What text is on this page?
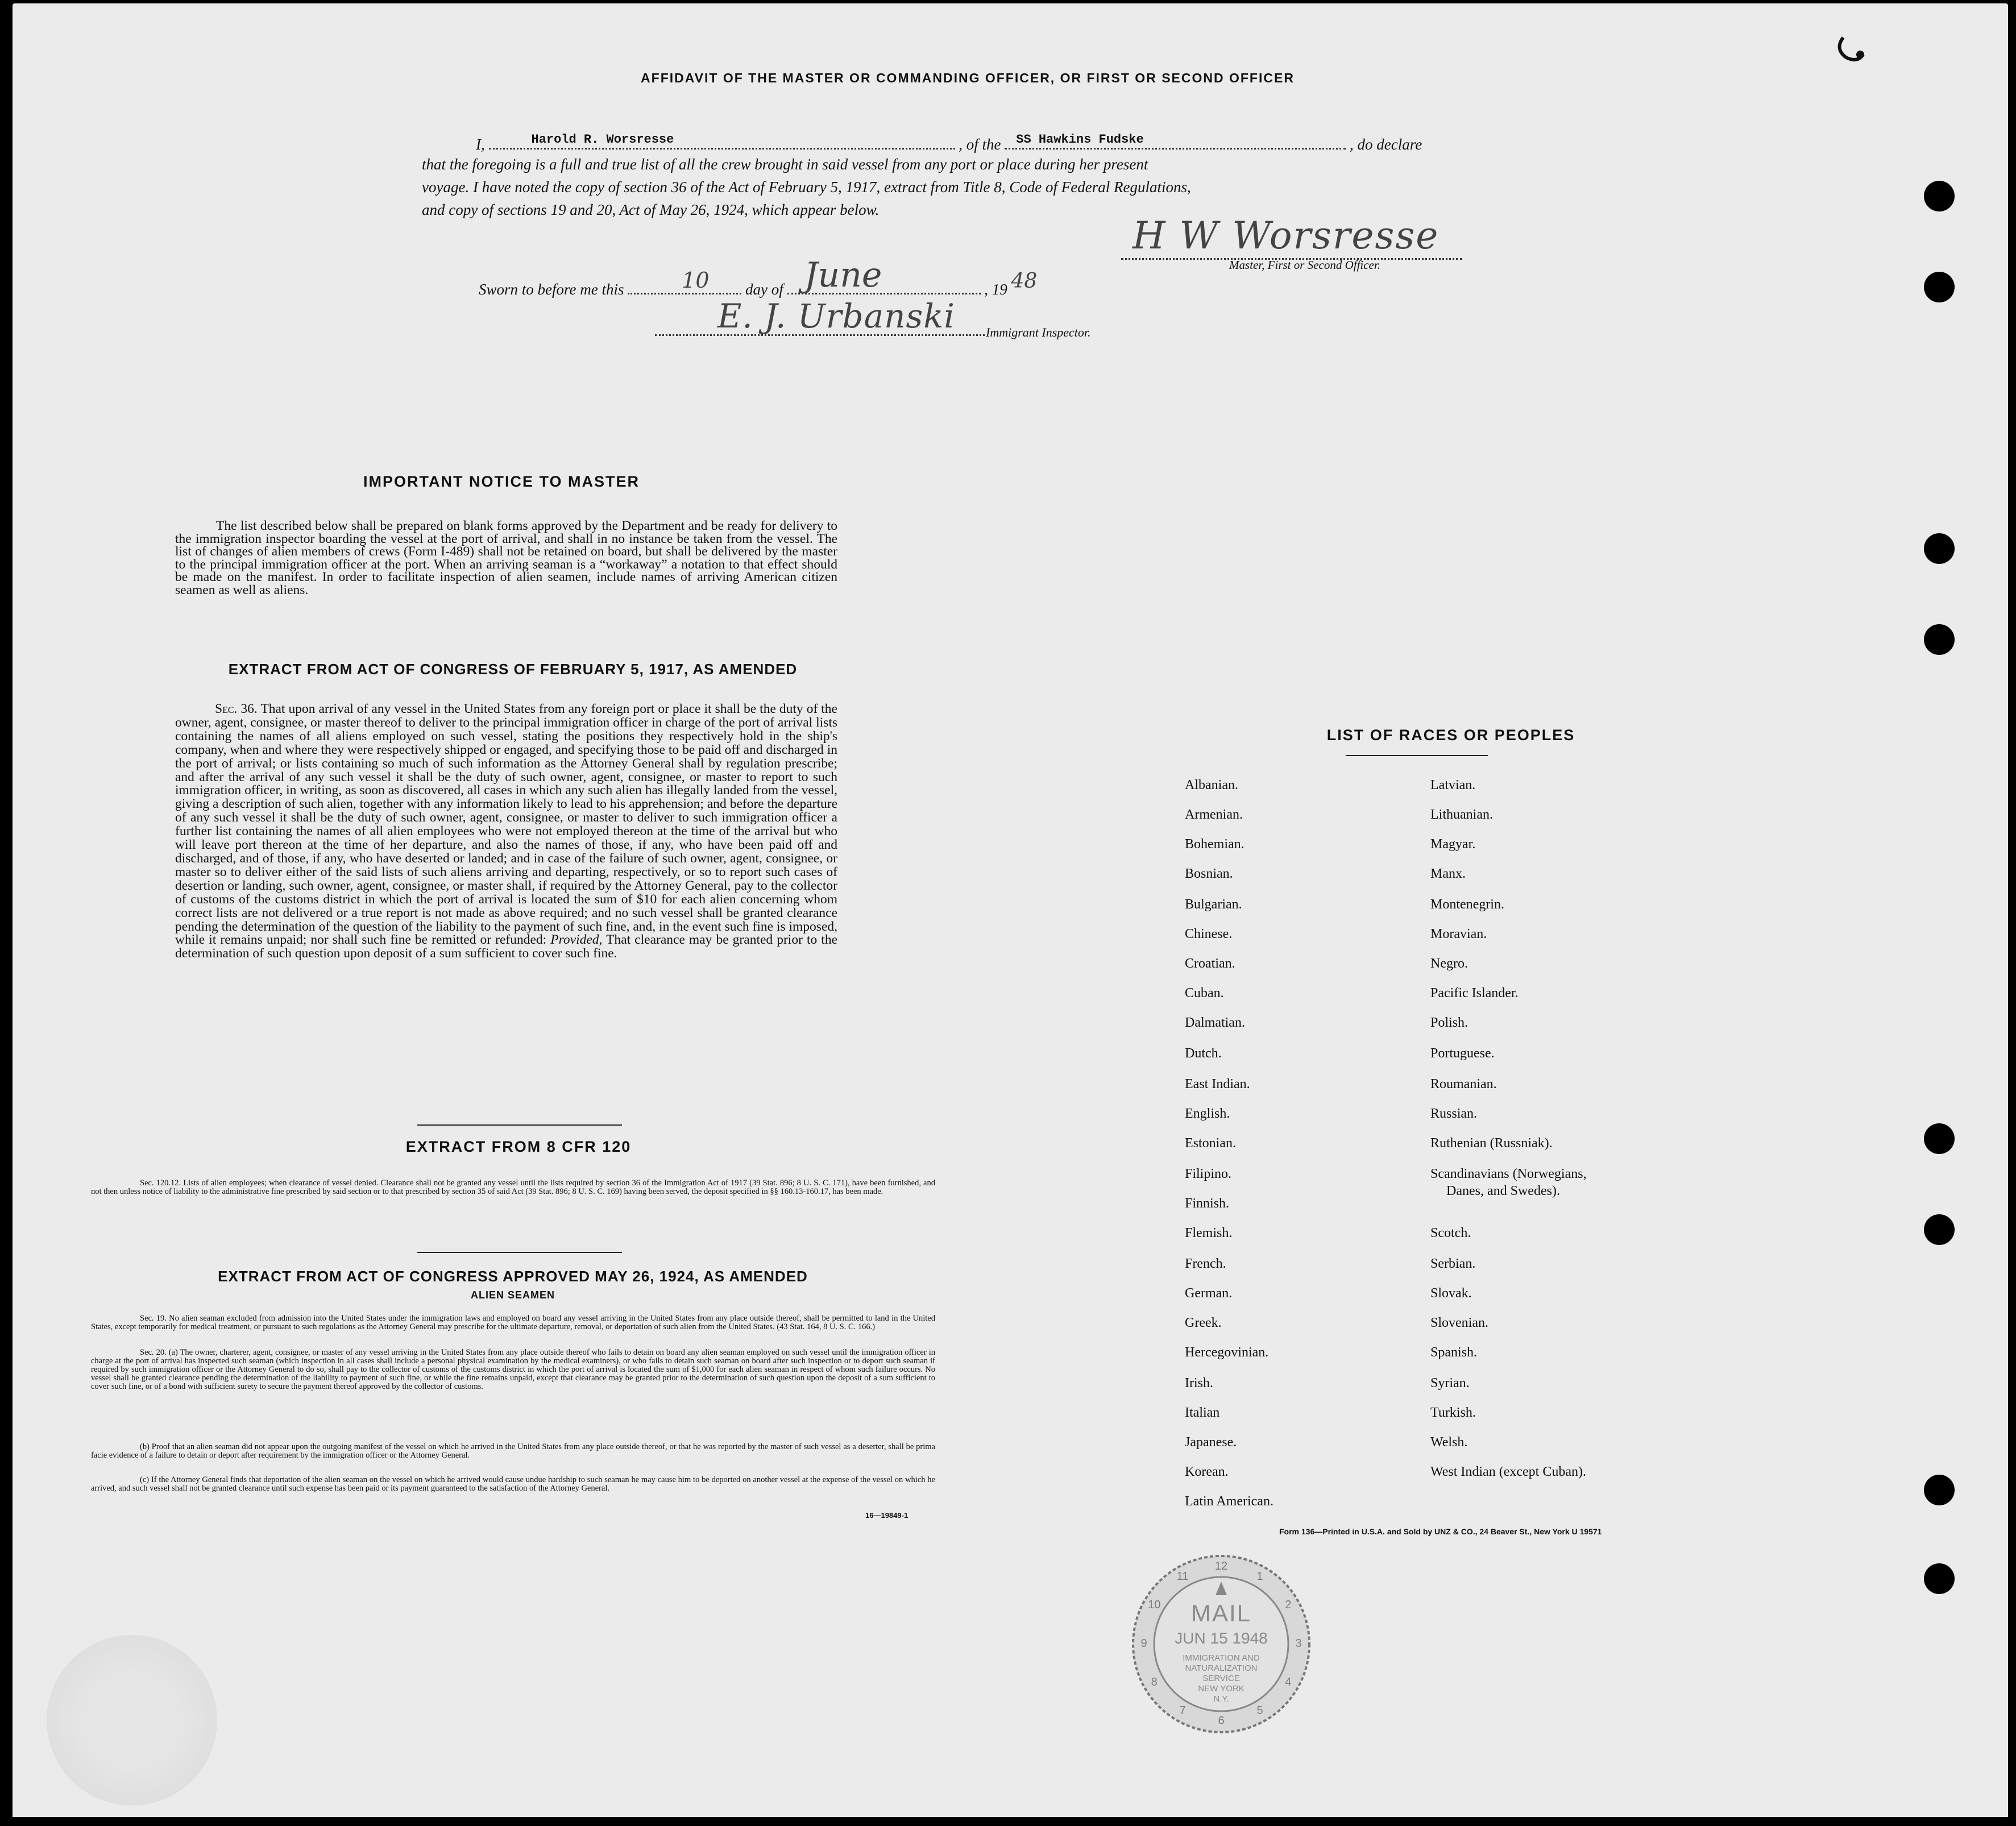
AFFIDAVIT OF THE MASTER OR COMMANDING OFFICER, OR FIRST OR SECOND OFFICER
I,	Harold R. Worsresse	, of the SS Hawkins Fudske	, do declare
that the foregoing is a full and true list of all the crew brought in said vessel from any port or place during her present
voyage. I have noted the copy of section 36 of the Act of February 5, 1917, extract from Title 8, Code of Federal Regulations,
and copy of sections 19 and 20, Act of May 26, 1924, which appear below.
H W Worsresse
Master, First or Second Officer.
Sworn to before me this	10 day of June	, 19 48
E. J. Urbanski Immigrant Inspector.
IMPORTANT NOTICE TO MASTER
The list described below shall be prepared on blank forms approved by the Department and be ready for delivery to the immigration inspector boarding the vessel at the port of arrival, and shall in no instance be taken from the vessel. The list of changes of alien members of crews (Form I-489) shall not be retained on board, but shall be delivered by the master to the principal immigration officer at the port. When an arriving seaman is a “workaway” a notation to that effect should be made on the manifest. In order to facilitate inspection of alien seamen, include names of arriving American citizen seamen as well as aliens.
EXTRACT FROM ACT OF CONGRESS OF FEBRUARY 5, 1917, AS AMENDED
Sec. 36. That upon arrival of any vessel in the United States from any foreign port or place it shall be the duty of the owner, agent, consignee, or master thereof to deliver to the principal immigration officer in charge of the port of arrival lists containing the names of all aliens employed on such vessel, stating the positions they respectively hold in the ship's company, when and where they were respectively shipped or engaged, and specifying those to be paid off and discharged in the port of arrival; or lists containing so much of such information as the Attorney General shall by regulation prescribe; and after the arrival of any such vessel it shall be the duty of such owner, agent, consignee, or master to report to such immigration officer, in writing, as soon as discovered, all cases in which any such alien has illegally landed from the vessel, giving a description of such alien, together with any information likely to lead to his apprehension; and before the departure of any such vessel it shall be the duty of such owner, agent, consignee, or master to deliver to such immigration officer a further list containing the names of all alien employees who were not employed thereon at the time of the arrival but who will leave port thereon at the time of her departure, and also the names of those, if any, who have been paid off and discharged, and of those, if any, who have deserted or landed; and in case of the failure of such owner, agent, consignee, or master so to deliver either of the said lists of such aliens arriving and departing, respectively, or so to report such cases of desertion or landing, such owner, agent, consignee, or master shall, if required by the Attorney General, pay to the collector of customs of the customs district in which the port of arrival is located the sum of $10 for each alien concerning whom correct lists are not delivered or a true report is not made as above required; and no such vessel shall be granted clearance pending the determination of the question of the liability to the payment of such fine, and, in the event such fine is imposed, while it remains unpaid; nor shall such fine be remitted or refunded: Provided, That clearance may be granted prior to the determination of such question upon deposit of a sum sufficient to cover such fine.
EXTRACT FROM 8 CFR 120
Sec. 120.12. Lists of alien employees; when clearance of vessel denied. Clearance shall not be granted any vessel until the lists required by section 36 of the Immigration Act of 1917 (39 Stat. 896; 8 U. S. C. 171), have been furnished, and not then unless notice of liability to the administrative fine prescribed by said section or to that prescribed by section 35 of said Act (39 Stat. 896; 8 U. S. C. 169) having been served, the deposit specified in §§ 160.13-160.17, has been made.
EXTRACT FROM ACT OF CONGRESS APPROVED MAY 26, 1924, AS AMENDED
ALIEN SEAMEN
Sec. 19. No alien seaman excluded from admission into the United States under the immigration laws and employed on board any vessel arriving in the United States from any place outside thereof, shall be permitted to land in the United States, except temporarily for medical treatment, or pursuant to such regulations as the Attorney General may prescribe for the ultimate departure, removal, or deportation of such alien from the United States. (43 Stat. 164, 8 U. S. C. 166.)
Sec. 20. (a) The owner, charterer, agent, consignee, or master of any vessel arriving in the United States from any place outside thereof who fails to detain on board any alien seaman employed on such vessel until the immigration officer in charge at the port of arrival has inspected such seaman (which inspection in all cases shall include a personal physical examination by the medical examiners), or who fails to detain such seaman on board after such inspection or to deport such seaman if required by such immigration officer or the Attorney General to do so, shall pay to the collector of customs of the customs district in which the port of arrival is located the sum of $1,000 for each alien seaman in respect of whom such failure occurs. No vessel shall be granted clearance pending the determination of the liability to payment of such fine, or while the fine remains unpaid, except that clearance may be granted prior to the determination of such question upon the deposit of a sum sufficient to cover such fine, or of a bond with sufficient surety to secure the payment thereof approved by the collector of customs.
(b) Proof that an alien seaman did not appear upon the outgoing manifest of the vessel on which he arrived in the United States from any place outside thereof, or that he was reported by the master of such vessel as a deserter, shall be prima facie evidence of a failure to detain or deport after requirement by the immigration officer or the Attorney General.
(c) If the Attorney General finds that deportation of the alien seaman on the vessel on which he arrived would cause undue hardship to such seaman he may cause him to be deported on another vessel at the expense of the vessel on which he arrived, and such vessel shall not be granted clearance until such expense has been paid or its payment guaranteed to the satisfaction of the Attorney General.
16—19849-1
LIST OF RACES OR PEOPLES
Albanian.
Armenian.
Bohemian.
Bosnian.
Bulgarian.
Chinese.
Croatian.
Cuban.
Dalmatian.
Dutch.
East Indian.
English.
Estonian.
Filipino.
Finnish.
Flemish.
French.
German.
Greek.
Hercegovinian.
Irish.
Italian
Japanese.
Korean.
Latin American.
Latvian.
Lithuanian.
Magyar.
Manx.
Montenegrin.
Moravian.
Negro.
Pacific Islander.
Polish.
Portuguese.
Roumanian.
Russian.
Ruthenian (Russniak).
Scandinavians (Norwegians,
Danes, and Swedes).
Scotch.
Serbian.
Slovak.
Slovenian.
Spanish.
Syrian.
Turkish.
Welsh.
West Indian (except Cuban).
Form 136—Printed in U.S.A. and Sold by UNZ & CO., 24 Beaver St., New York U 19571
12
1
2
3
4
5
6
7
8
9
10
11
MAIL
JUN 15 1948
IMMIGRATION AND
NATURALIZATION
SERVICE
NEW YORK
N.Y.
